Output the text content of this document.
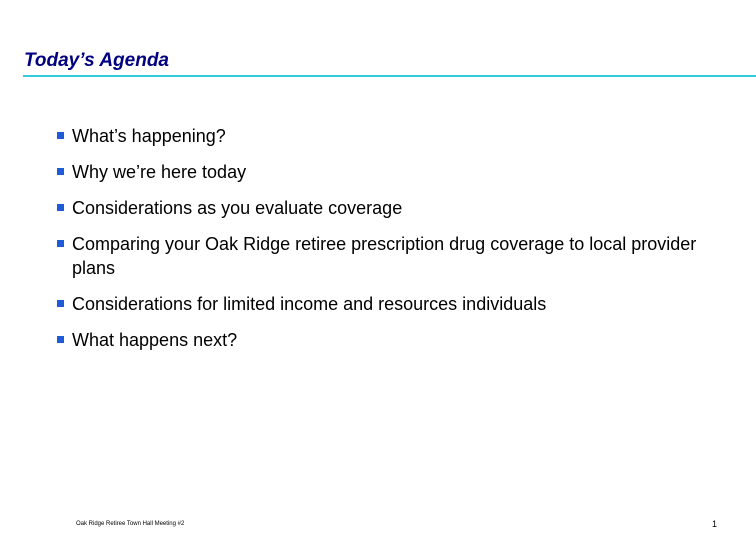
Today’s Agenda
What’s happening?
Why we’re here today
Considerations as you evaluate coverage
Comparing your Oak Ridge retiree prescription drug coverage to local provider plans
Considerations for limited income and resources individuals
What happens next?
Oak Ridge Retiree Town Hall Meeting #2	1
